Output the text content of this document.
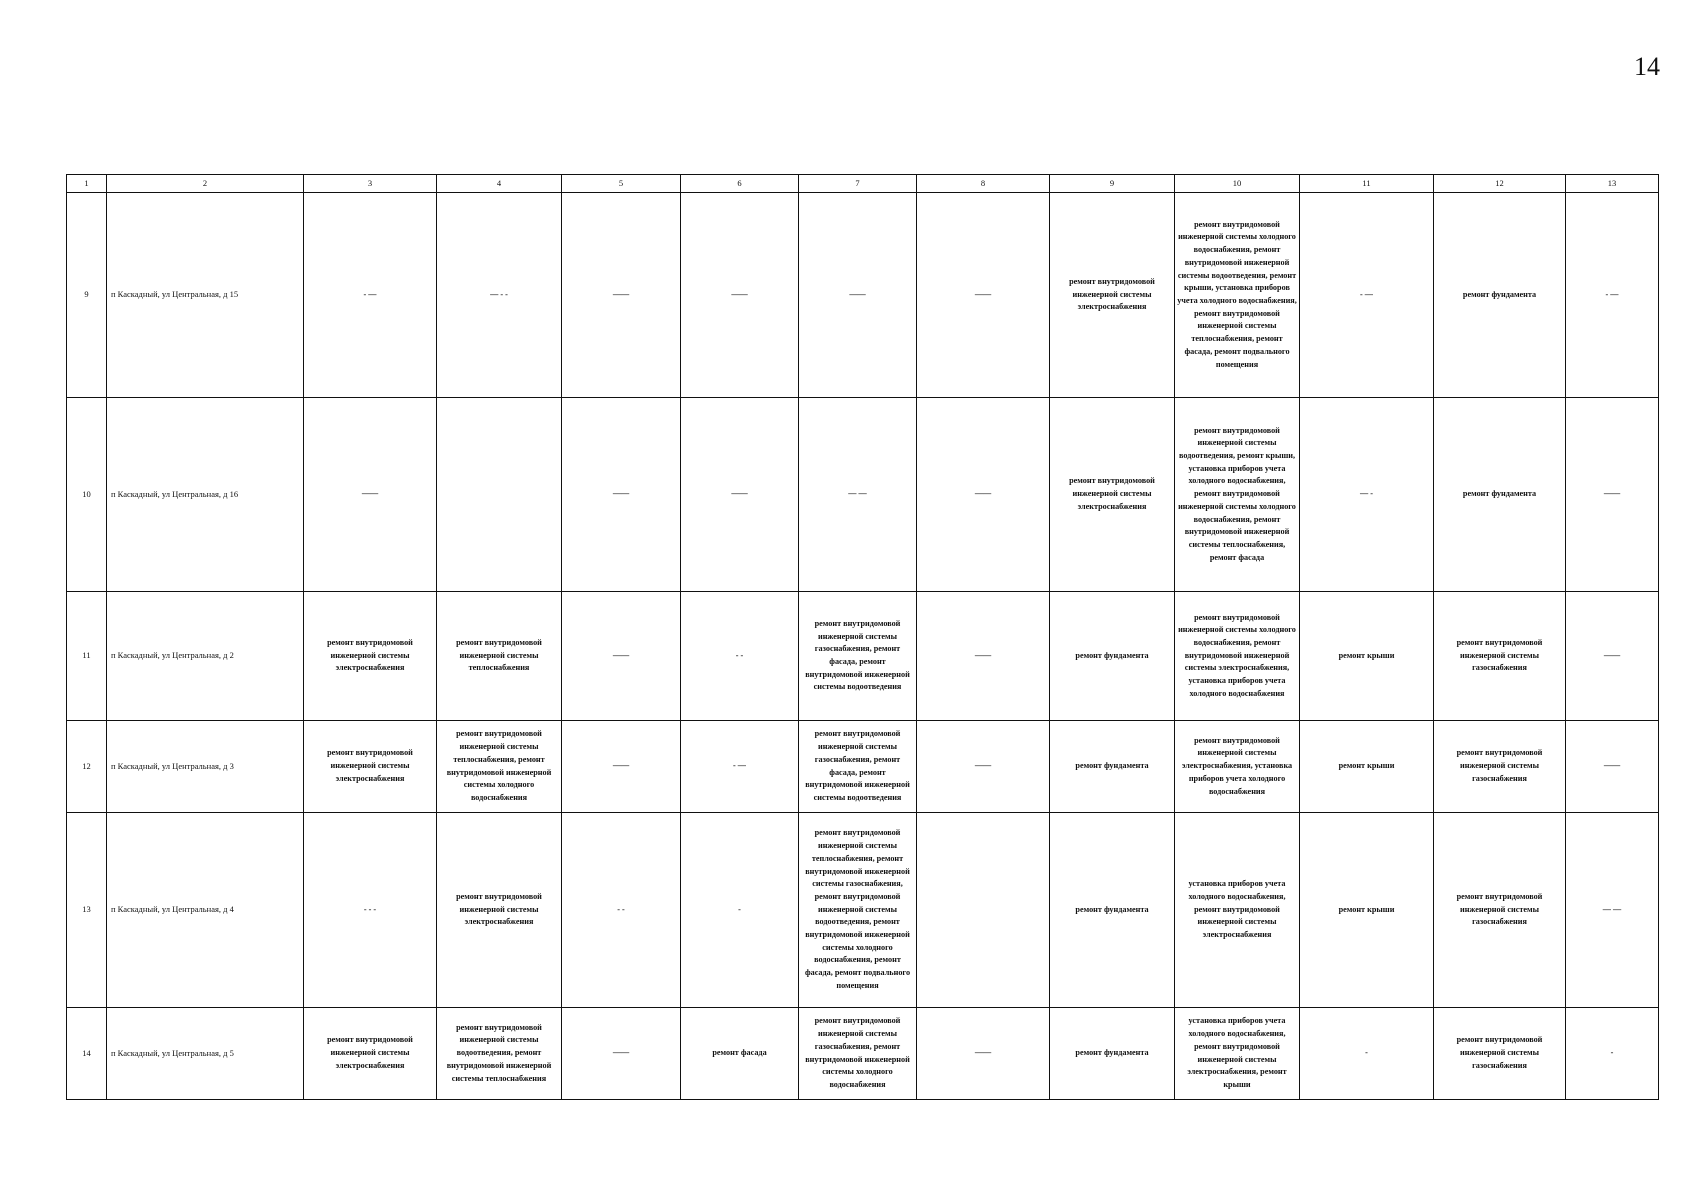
14
1	2	3	4	5	6	7	8	9	10	11	12	13
9	п Каскадный, ул Центральная, д 15	- —	— - -	——	——	——	——	ремонт внутридомовой инженерной системы электроснабжения	ремонт внутридомовой инженерной системы холодного водоснабжения, ремонт внутридомовой инженерной системы водоотведения, ремонт крыши, установка приборов учета холодного водоснабжения, ремонт внутридомовой инженерной системы теплоснабжения, ремонт фасада, ремонт подвального помещения	- —	ремонт фундамента	- —
10	п Каскадный, ул Центральная, д 16	——		——	——	— —	——	ремонт внутридомовой инженерной системы электроснабжения	ремонт внутридомовой инженерной системы водоотведения, ремонт крыши, установка приборов учета холодного водоснабжения, ремонт внутридомовой инженерной системы холодного водоснабжения, ремонт внутридомовой инженерной системы теплоснабжения, ремонт фасада	— -	ремонт фундамента	——
11	п Каскадный, ул Центральная, д 2	ремонт внутридомовой инженерной системы электроснабжения	ремонт внутридомовой инженерной системы теплоснабжения	——	- -	ремонт внутридомовой инженерной системы газоснабжения, ремонт фасада, ремонт внутридомовой инженерной системы водоотведения	——	ремонт фундамента	ремонт внутридомовой инженерной системы холодного водоснабжения, ремонт внутридомовой инженерной системы электроснабжения, установка приборов учета холодного водоснабжения	ремонт крыши	ремонт внутридомовой инженерной системы газоснабжения	——
12	п Каскадный, ул Центральная, д 3	ремонт внутридомовой инженерной системы электроснабжения	ремонт внутридомовой инженерной системы теплоснабжения, ремонт внутридомовой инженерной системы холодного водоснабжения	——	- —	ремонт внутридомовой инженерной системы газоснабжения, ремонт фасада, ремонт внутридомовой инженерной системы водоотведения	——	ремонт фундамента	ремонт внутридомовой инженерной системы электроснабжения, установка приборов учета холодного водоснабжения	ремонт крыши	ремонт внутридомовой инженерной системы газоснабжения	——
13	п Каскадный, ул Центральная, д 4	- - -	ремонт внутридомовой инженерной системы электроснабжения	- -	-	ремонт внутридомовой инженерной системы теплоснабжения, ремонт внутридомовой инженерной системы газоснабжения, ремонт внутридомовой инженерной системы водоотведения, ремонт внутридомовой инженерной системы холодного водоснабжения, ремонт фасада, ремонт подвального помещения		ремонт фундамента	установка приборов учета холодного водоснабжения, ремонт внутридомовой инженерной системы электроснабжения	ремонт крыши	ремонт внутридомовой инженерной системы газоснабжения	— —
14	п Каскадный, ул Центральная, д 5	ремонт внутридомовой инженерной системы электроснабжения	ремонт внутридомовой инженерной системы водоотведения, ремонт внутридомовой инженерной системы теплоснабжения	——	ремонт фасада	ремонт внутридомовой инженерной системы газоснабжения, ремонт внутридомовой инженерной системы холодного водоснабжения	——	ремонт фундамента	установка приборов учета холодного водоснабжения, ремонт внутридомовой инженерной системы электроснабжения, ремонт крыши	-	ремонт внутридомовой инженерной системы газоснабжения	-
